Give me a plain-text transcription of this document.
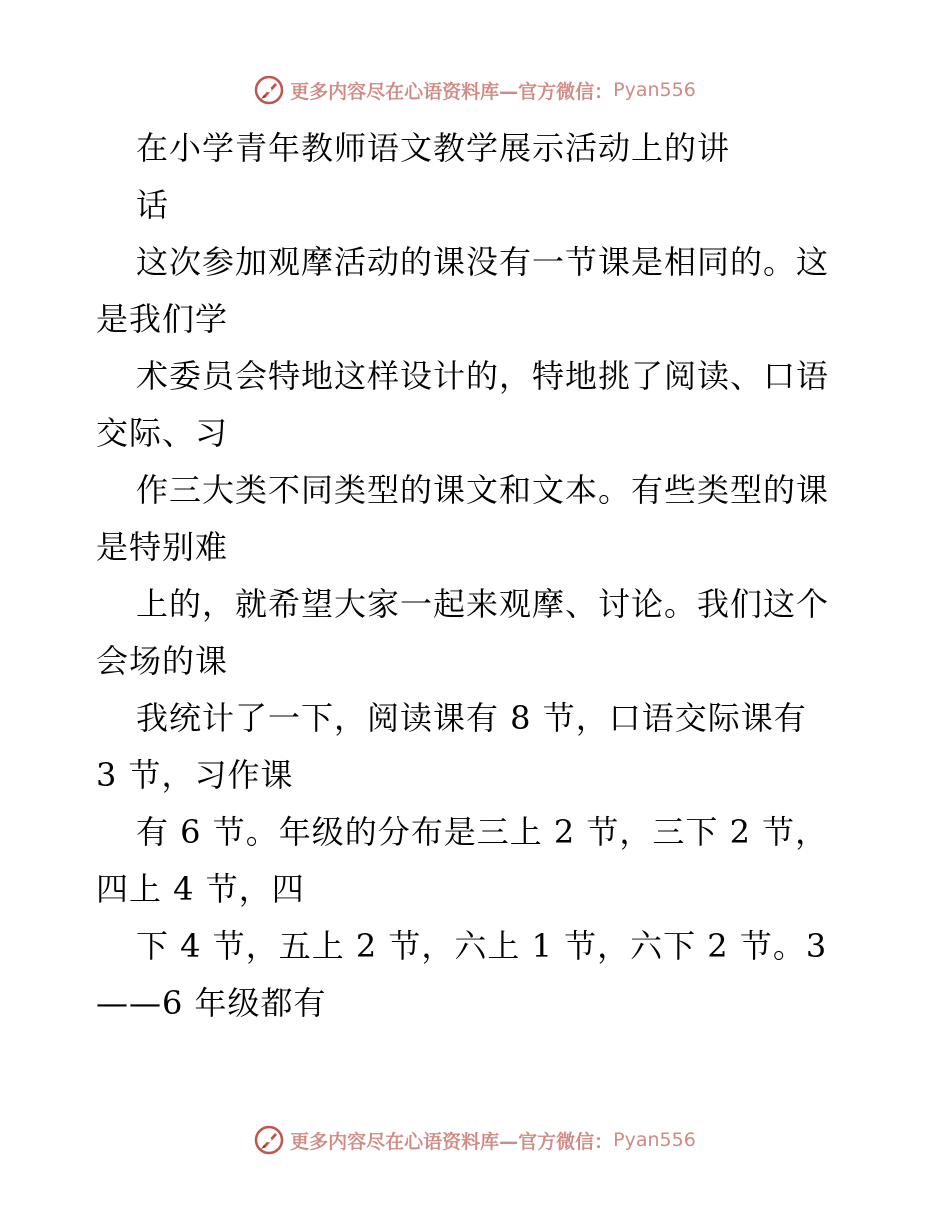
更多内容尽在心语资料库—官方微信： Pyan556
在小学青年教师语文教学展示活动上的讲
话
这次参加观摩活动的课没有一节课是相同的。这
是我们学
术委员会特地这样设计的，特地挑了阅读、口语
交际、习
作三大类不同类型的课文和文本。有些类型的课
是特别难
上的，就希望大家一起来观摩、讨论。我们这个
会场的课
我统计了一下，阅读课有 8 节，口语交际课有
3 节，习作课
有 6 节。年级的分布是三上 2 节，三下 2 节，
四上 4 节，四
下 4 节，五上 2 节，六上 1 节，六下 2 节。3
——6 年级都有
更多内容尽在心语资料库—官方微信： Pyan556
